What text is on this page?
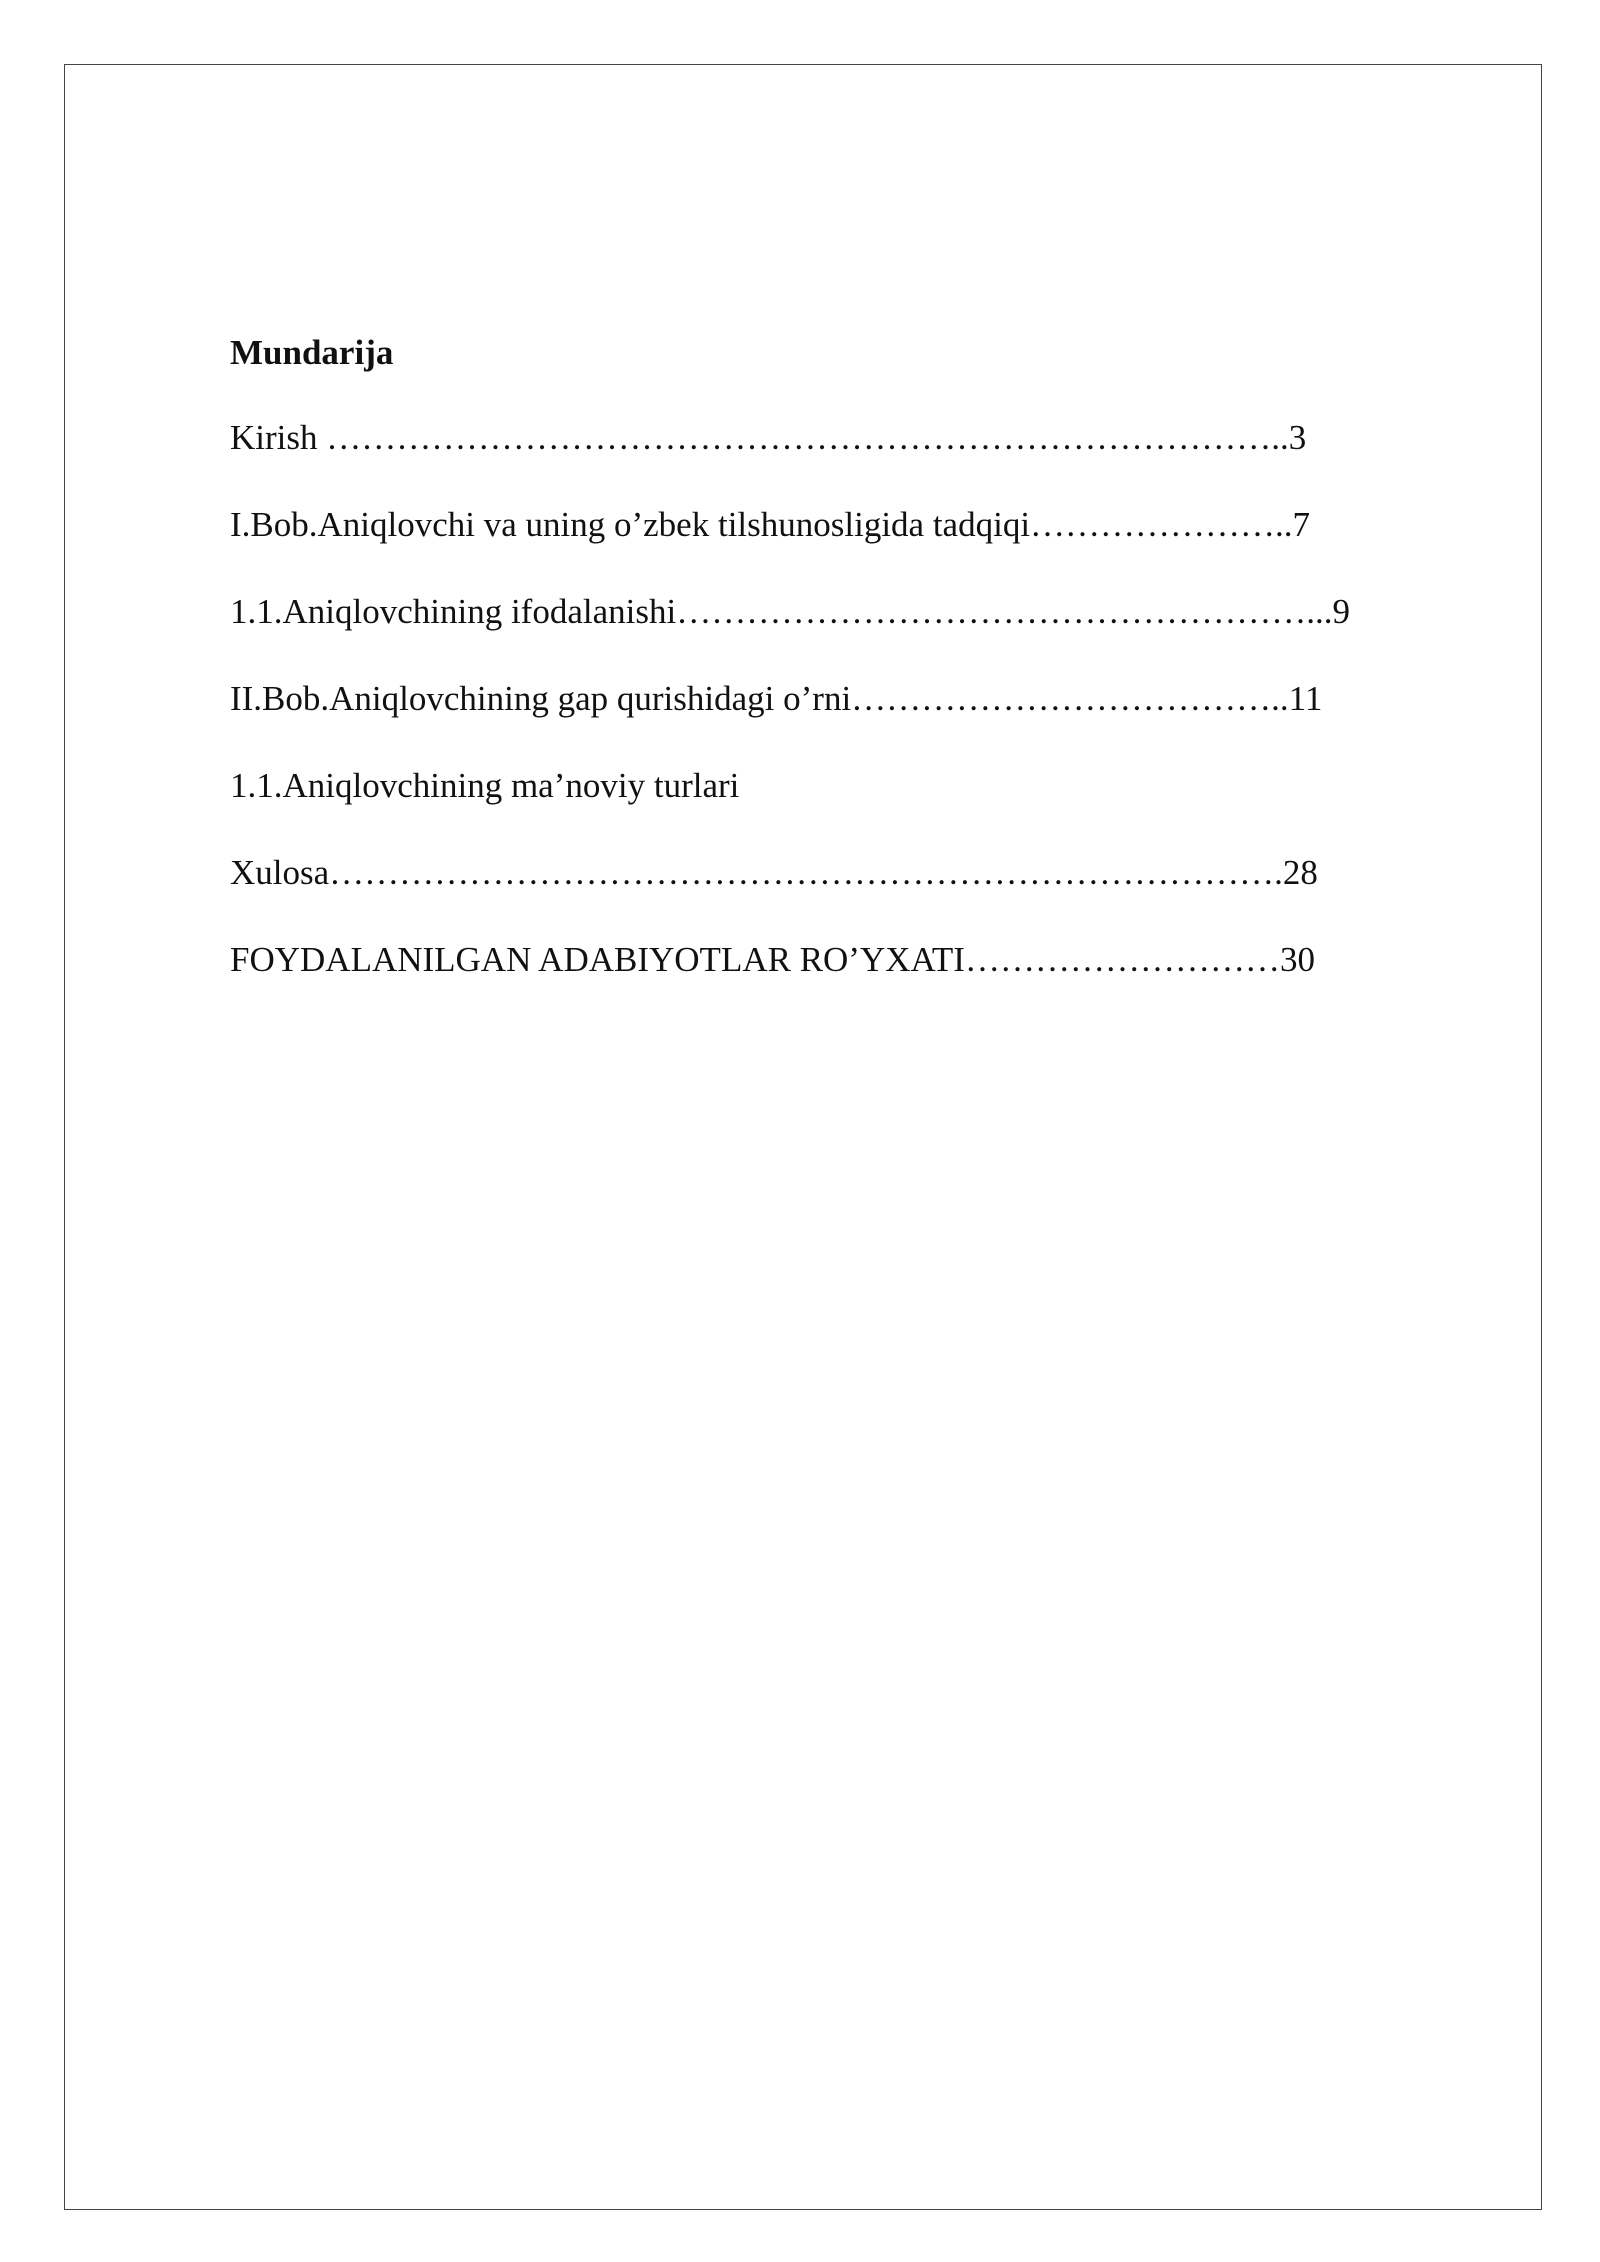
Mundarija
Kirish ………………………………………………………………………..3
I.Bob.Aniqlovchi va uning o’zbek tilshunosligida tadqiqi…………………..7
1.1.Aniqlovchining ifodalanishi………………………………………………...9
II.Bob.Aniqlovchining gap qurishidagi o’rni………………………………..11
1.1.Aniqlovchining ma’noviy turlari
Xulosa……………………………………………………………………….28
FOYDALANILGAN ADABIYOTLAR RO’YXATI………………………30
